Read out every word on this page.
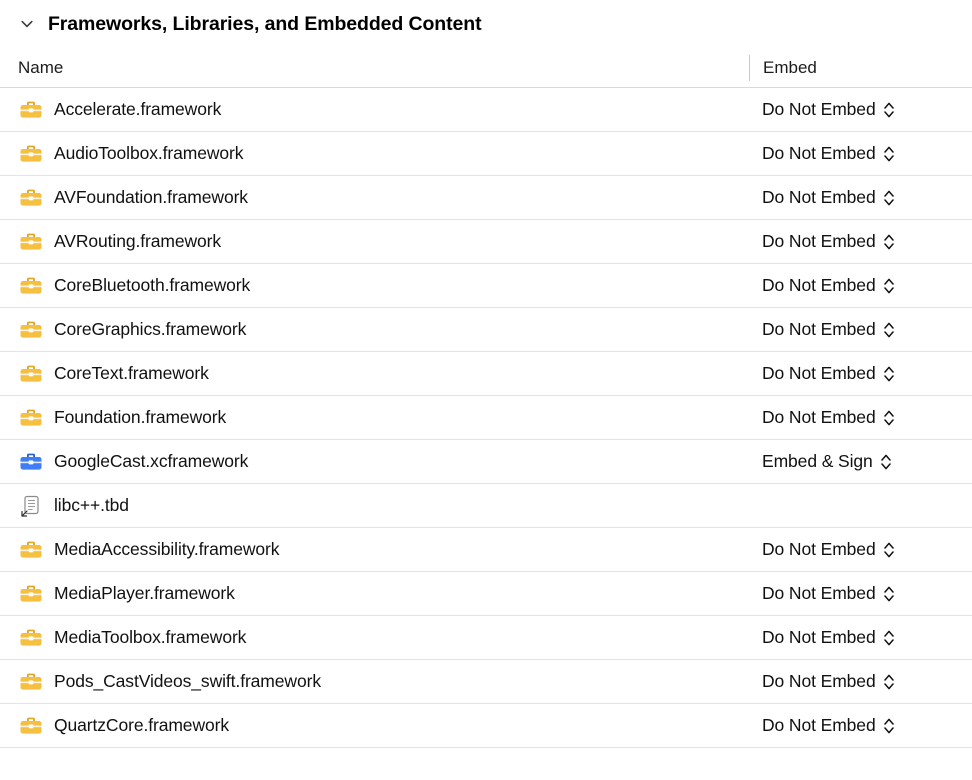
Frameworks, Libraries, and Embedded Content
Name	Embed
Accelerate.framework	Do Not Embed
AudioToolbox.framework	Do Not Embed
AVFoundation.framework	Do Not Embed
AVRouting.framework	Do Not Embed
CoreBluetooth.framework	Do Not Embed
CoreGraphics.framework	Do Not Embed
CoreText.framework	Do Not Embed
Foundation.framework	Do Not Embed
GoogleCast.xcframework	Embed & Sign
libc++.tbd
MediaAccessibility.framework	Do Not Embed
MediaPlayer.framework	Do Not Embed
MediaToolbox.framework	Do Not Embed
Pods_CastVideos_swift.framework	Do Not Embed
QuartzCore.framework	Do Not Embed
